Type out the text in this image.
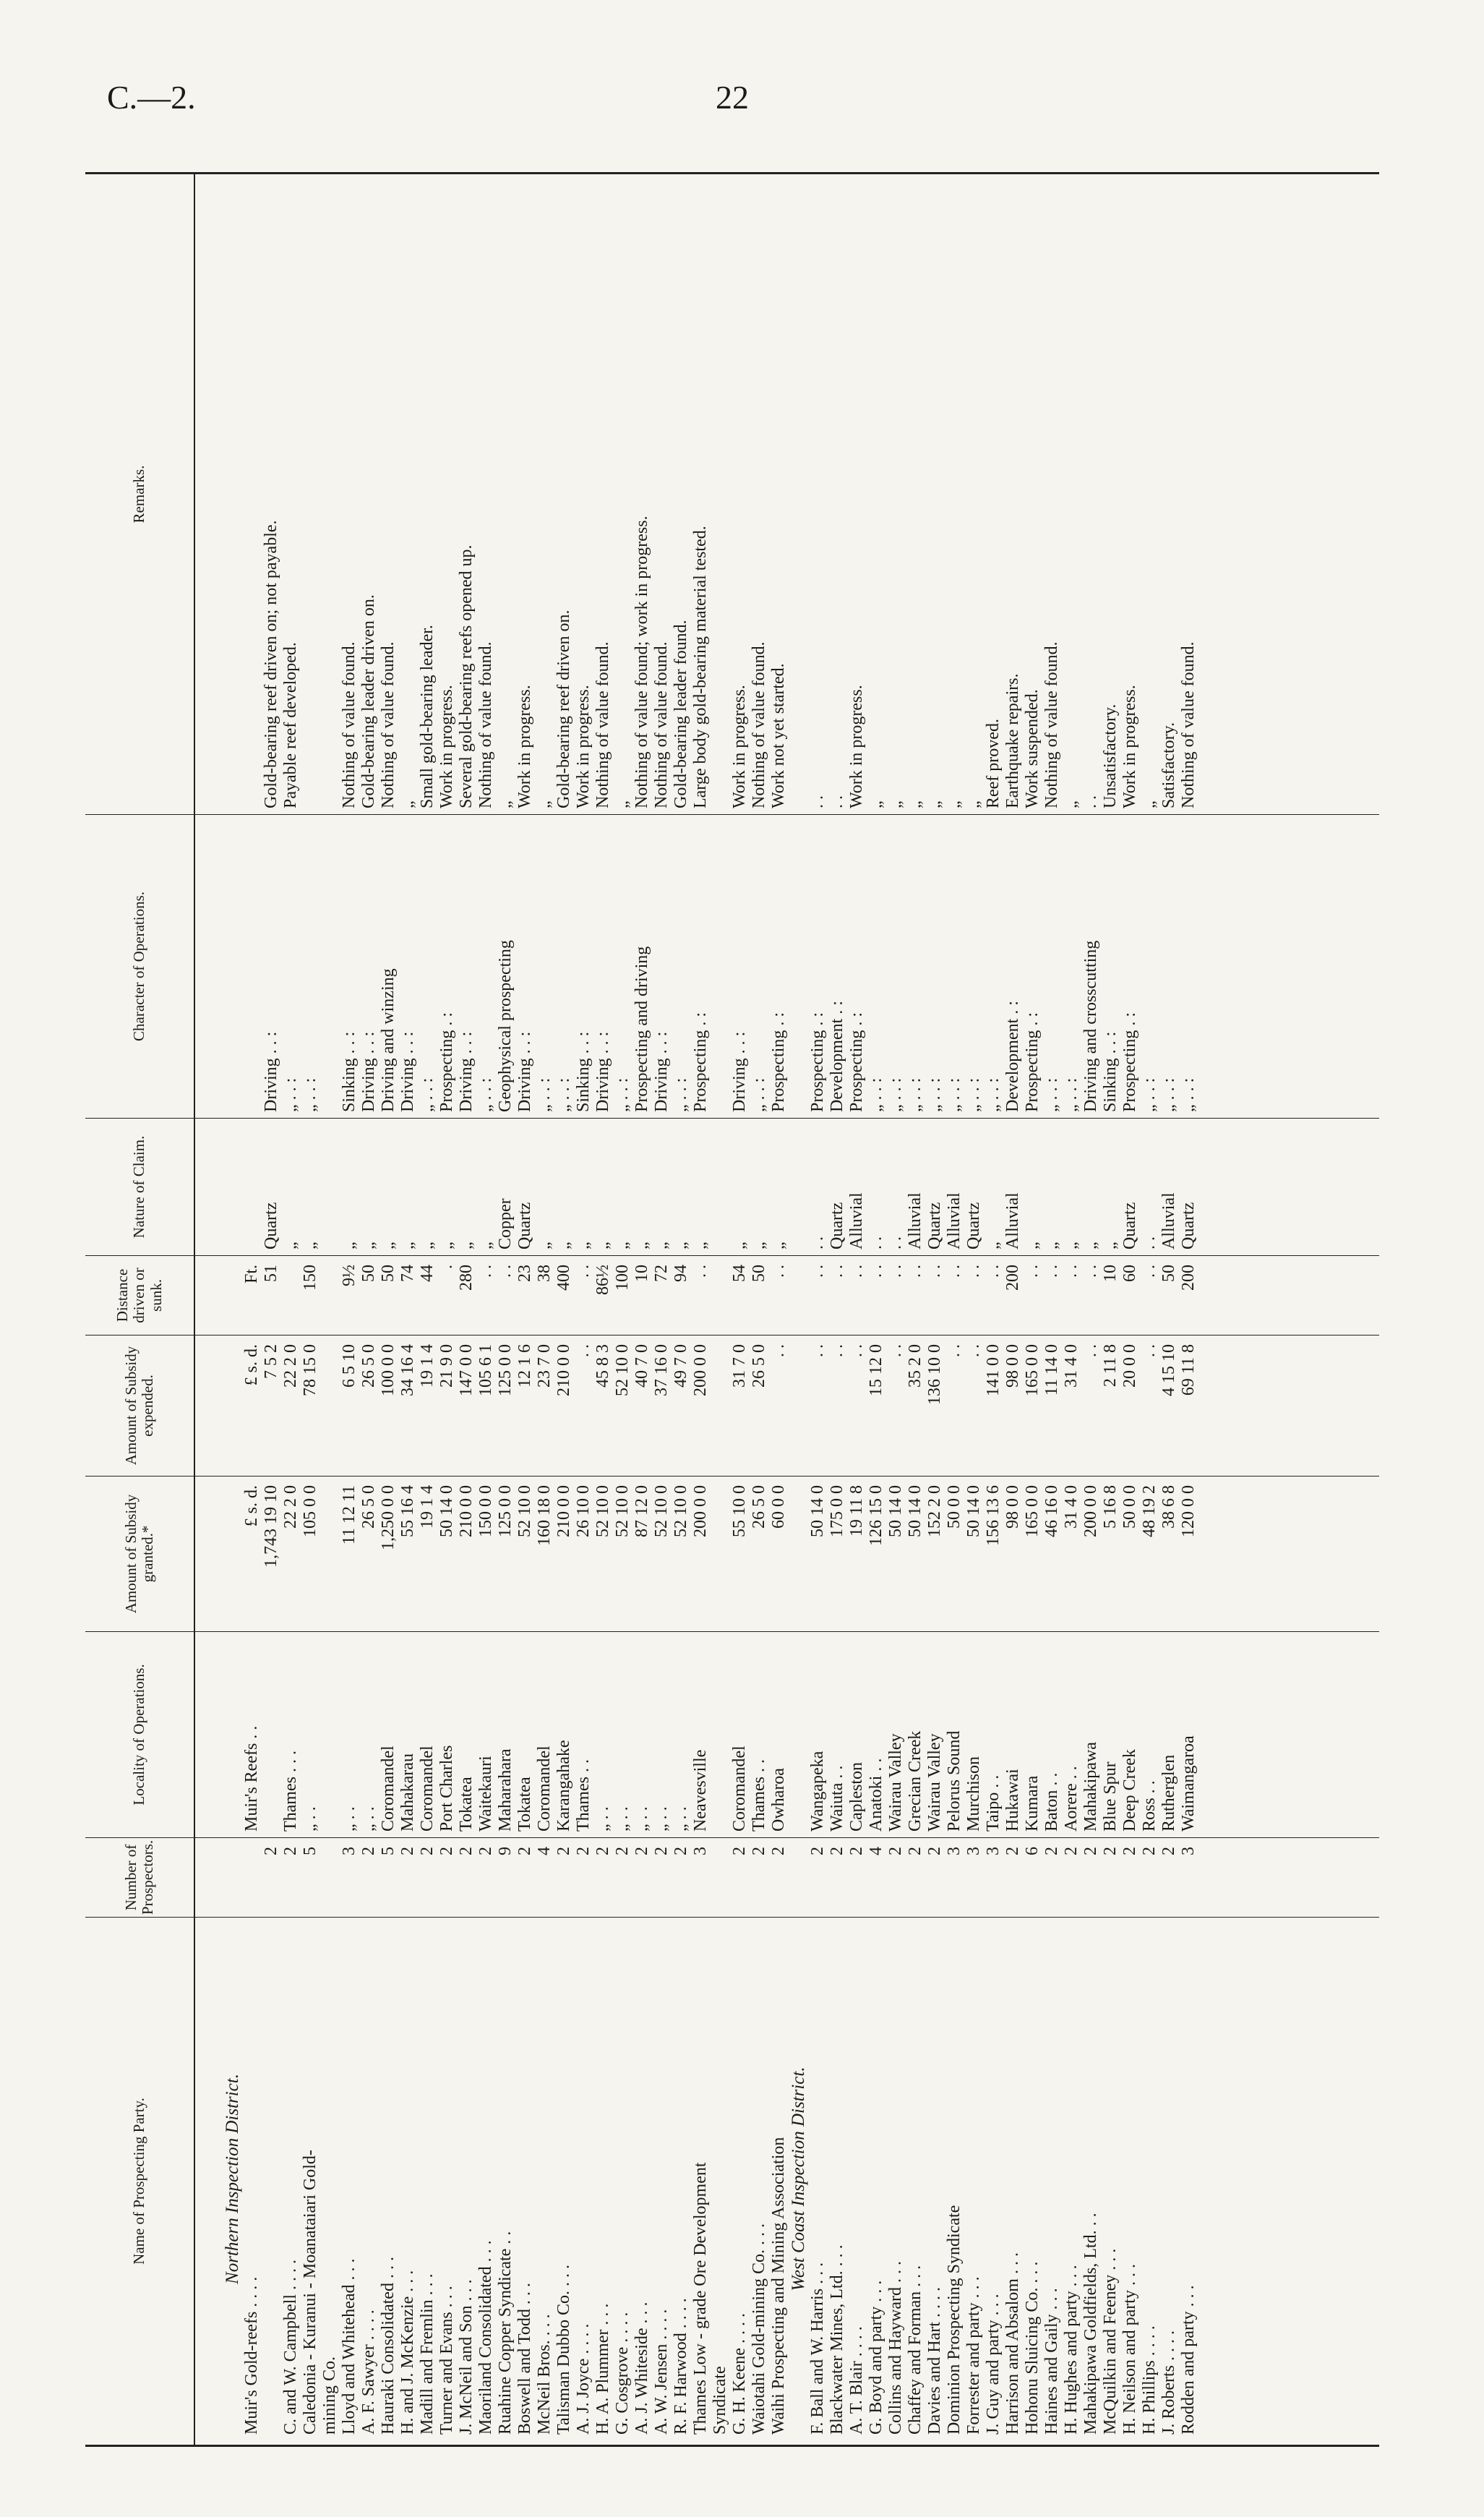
C.—2.	22
Name of Prospecting Party.
Number of Prospectors.
Locality of Operations.
Amount of Subsidy granted.*
Amount of Subsidy expended.
Distance driven or sunk.
Nature of Claim.
Character of Operations.
Remarks.
Northern Inspection District.
Muir's Gold-reefs . . . . C. and W. Campbell . . . . Caledonia - Kuranui - Moanataiari Gold- mining Co. Lloyd and Whitehead . . . A. F. Sawyer . . . . Hauraki Consolidated . . . H. and J. McKenzie . . . Madill and Fremlin . . . Turner and Evans . . . J. McNeil and Son . . . Maoriland Consolidated . . . Ruahine Copper Syndicate . . Boswell and Todd . . . McNeil Bros. . . . Talisman Dubbo Co. . . . A. J. Joyce . . . . H. A. Plummer . . . G. Cosgrove . . . . A. J. Whiteside . . . A. W. Jensen . . . . R. F. Harwood . . . . Thames Low - grade Ore Development Syndicate G. H. Keene . . . . Waiotahi Gold-mining Co. . . . Waihi Prospecting and Mining Association West Coast Inspection District.
F. Ball and W. Harris . . . Blackwater Mines, Ltd. . . . A. T. Blair . . . . G. Boyd and party . . . Collins and Hayward . . . Chaffey and Forman . . . Davies and Hart . . . . Dominion Prospecting Syndicate Forrester and party . . . J. Guy and party . . . Harrison and Absalom . . . Hohonu Sluicing Co. . . . Haines and Gaily . . . H. Hughes and party . . . Mahakipawa Goldfields, Ltd. . . McQuilkin and Feeney . . . H. Neilson and party . . . H. Phillips . . . . J. Roberts . . . . Rodden and party . . .
2 2 5 3 2 5 2 2 2 2 2 9 2 4 2 2 2 2 2 2 2 3 2 2 2 2 2 2 4 2 2 2 3 3 3 2 6 2 2 2 2 2 2 2 3
Muir's Reefs . . Thames . . . „ . . „ . . „ . . Coromandel Mahakarau Coromandel Port Charles Tokatea Waitekauri Maharahara Tokatea Coromandel Karangahake Thames . . „ . . „ . . „ . . „ . . „ . . Neavesville Coromandel Thames . . Owharoa Wangapeka Waiuta . . Capleston Anatoki . . Wairau Valley Grecian Creek Wairau Valley Pelorus Sound Murchison Taipo . . Hukawai Kumara Baton . . Aorere . . Mahakipawa Blue Spur Deep Creek Ross . . Rutherglen Waimangaroa
£ s. d. 1,743 19 10 22 2 0 105 0 0 11 12 11 26 5 0 1,250 0 0 55 16 4 19 1 4 50 14 0 210 0 0 150 0 0 125 0 0 52 10 0 160 18 0 210 0 0 26 10 0 52 10 0 52 10 0 87 12 0 52 10 0 52 10 0 200 0 0 55 10 0 26 5 0 60 0 0 50 14 0 175 0 0 19 11 8 126 15 0 50 14 0 50 14 0 152 2 0 50 0 0 50 14 0 156 13 6 98 0 0 165 0 0 46 16 0 31 4 0 200 0 0 5 16 8 50 0 0 48 19 2 38 6 8 120 0 0
£ s. d. 7 5 2 22 2 0 78 15 0 6 5 10 26 5 0 100 0 0 34 16 4 19 1 4 21 9 0 147 0 0 105 6 1 125 0 0 12 1 6 23 7 0 210 0 0 . . 45 8 3 52 10 0 40 7 0 37 16 0 49 7 0 200 0 0 31 7 0 26 5 0 . . . . . . . . 15 12 0 . . 35 2 0 136 10 0 . . . . 141 0 0 98 0 0 165 0 0 11 14 0 31 4 0 . . 2 11 8 20 0 0 . . 4 15 10 69 11 8
Ft. 51 150 9½ 50 50 74 44 . 280 . . . . 23 38 400 . . 86½ 100 10 72 94 . . 54 50 . . . . . . . . . . . . . . . . . . . . . . 200 . . . . . . . . 10 60 . . 50 200
Quartz „ „ „ „ „ „ „ „ „ „ Copper Quartz „ „ „ „ „ „ „ „ „ „ „ „ . . Quartz Alluvial . . . . Alluvial Quartz Alluvial Quartz „ Alluvial „ „ „ „ „ Quartz . . Alluvial Quartz
Driving . . : „ . . : „ . . : Sinking . . : Driving . . : Driving and winzing Driving . . : „ . . : Prospecting . : Driving . . : „ . . : Geophysical prospecting Driving . . : „ . . : „ . . : Sinking . . : Driving . . : „ . . : Prospecting and driving Driving . . : „ . . : Prospecting . : Driving . . : „ . . : Prospecting . : Prospecting . : Development . : Prospecting . : „ . . : „ . . : „ . . : „ . . : „ . . : „ . . : „ . . : Development . : Prospecting . : „ . . : „ . . : Driving and crosscutting Sinking . . : Prospecting . : „ . . : „ . . : „ . . :
Gold-bearing reef driven on; not payable. Payable reef developed. Nothing of value found. Gold-bearing leader driven on. Nothing of value found. „ Small gold-bearing leader. Work in progress. Several gold-bearing reefs opened up. Nothing of value found. „ Work in progress. „ Gold-bearing reef driven on. Work in progress. Nothing of value found. „ Nothing of value found; work in progress. Nothing of value found. Gold-bearing leader found. Large body gold-bearing material tested. Work in progress. Nothing of value found. Work not yet started. . . . . Work in progress. „ „ „ „ „ „ Reef proved. Earthquake repairs. Work suspended. Nothing of value found. „ . . Unsatisfactory. Work in progress. „ Satisfactory. Nothing of value found.
